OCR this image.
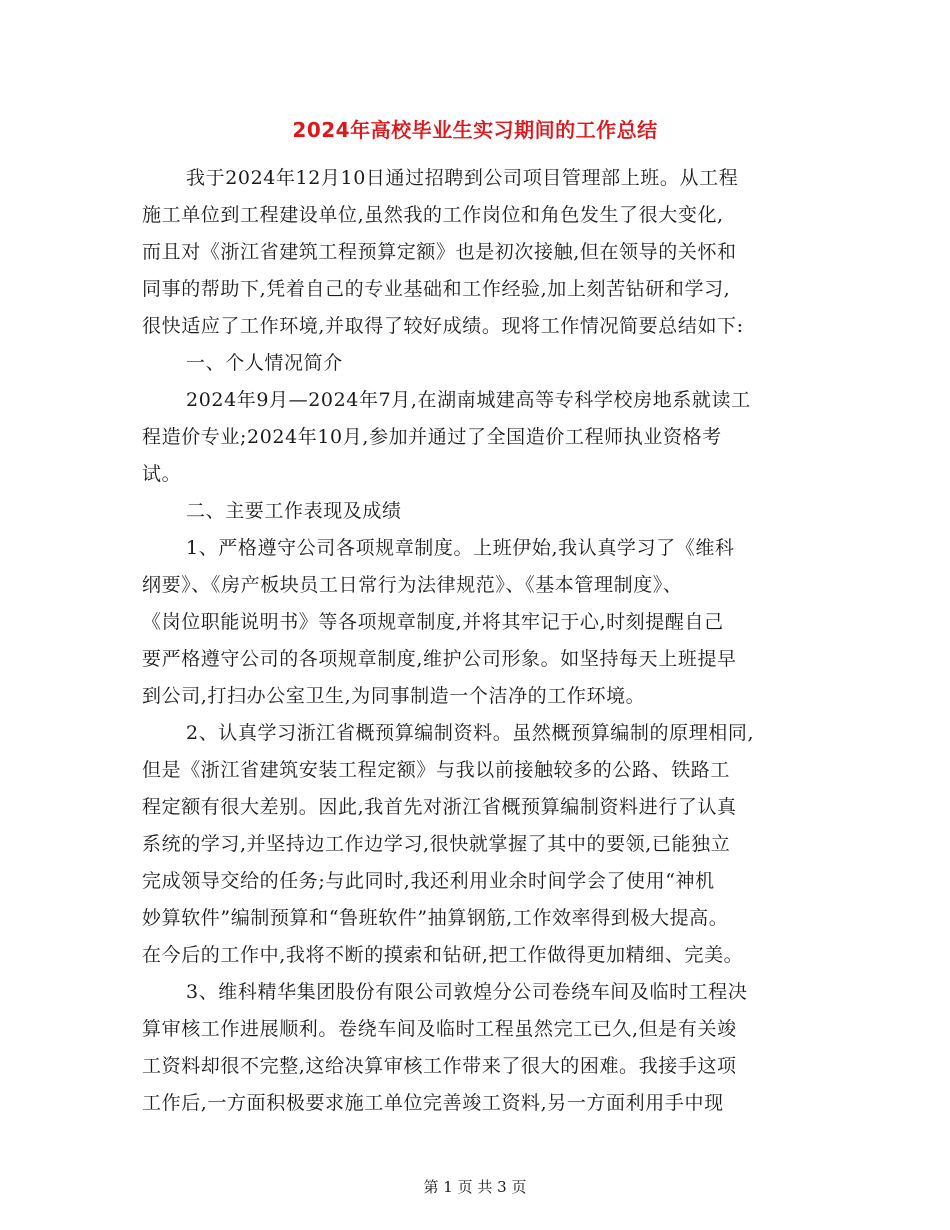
2024年高校毕业生实习期间的工作总结

我于2024年12月10日通过招聘到公司项目管理部上班。从工程
施工单位到工程建设单位,虽然我的工作岗位和角色发生了很大变化,
而且对《浙江省建筑工程预算定额》也是初次接触,但在领导的关怀和
同事的帮助下,凭着自己的专业基础和工作经验,加上刻苦钻研和学习,
很快适应了工作环境,并取得了较好成绩。现将工作情况简要总结如下:

一、个人情况简介

2024年9月—2024年7月,在湖南城建高等专科学校房地系就读工
程造价专业;2024年10月,参加并通过了全国造价工程师执业资格考
试。

二、主要工作表现及成绩

1、严格遵守公司各项规章制度。上班伊始,我认真学习了《维科
纲要》、《房产板块员工日常行为法律规范》、《基本管理制度》、
《岗位职能说明书》等各项规章制度,并将其牢记于心,时刻提醒自己
要严格遵守公司的各项规章制度,维护公司形象。如坚持每天上班提早
到公司,打扫办公室卫生,为同事制造一个洁净的工作环境。

2、认真学习浙江省概预算编制资料。虽然概预算编制的原理相同,
但是《浙江省建筑安装工程定额》与我以前接触较多的公路、铁路工
程定额有很大差别。因此,我首先对浙江省概预算编制资料进行了认真
系统的学习,并坚持边工作边学习,很快就掌握了其中的要领,已能独立
完成领导交给的任务;与此同时,我还利用业余时间学会了使用“神机
妙算软件”编制预算和“鲁班软件”抽算钢筋,工作效率得到极大提高。
在今后的工作中,我将不断的摸索和钻研,把工作做得更加精细、完美。

3、维科精华集团股份有限公司敦煌分公司卷绕车间及临时工程决
算审核工作进展顺利。卷绕车间及临时工程虽然完工已久,但是有关竣
工资料却很不完整,这给决算审核工作带来了很大的困难。我接手这项
工作后,一方面积极要求施工单位完善竣工资料,另一方面利用手中现

第 1 页 共 3 页
